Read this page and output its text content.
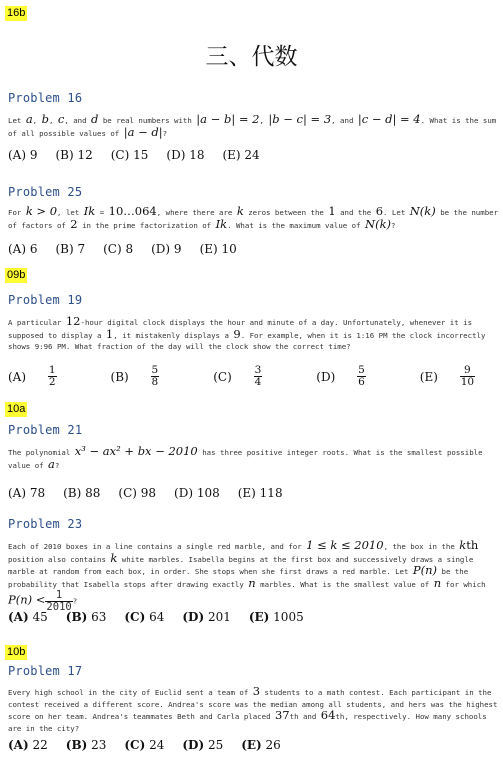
16b
三、代数
Problem 16
Let a, b, c, and d be real numbers with |a − b| = 2, |b − c| = 3, and |c − d| = 4. What is the sum of all possible values of |a − d|?
(A) 9 (B) 12 (C) 15 (D) 18 (E) 24
Problem 25
For k > 0, let Ik = 10…064, where there are k zeros between the 1 and the 6. Let N(k) be the number of factors of 2 in the prime factorization of Ik. What is the maximum value of N(k)?
(A) 6 (B) 7 (C) 8 (D) 9 (E) 10
09b
Problem 19
A particular 12-hour digital clock displays the hour and minute of a day. Unfortunately, whenever it is supposed to display a 1, it mistakenly displays a 9. For example, when it is 1:16 PM the clock incorrectly shows 9:96 PM. What fraction of the day will the clock show the correct time?
$(A) \frac{1}{2}$	$(B) \frac{5}{8}$	$(C) \frac{3}{4}$	$(D) \frac{5}{6}$	$(E) \frac{9}{10}$
10a
Problem 21
The polynomial x³ − ax² + bx − 2010 has three positive integer roots. What is the smallest possible value of a?
(A) 78 (B) 88 (C) 98 (D) 108 (E) 118
Problem 23
Each of 2010 boxes in a line contains a single red marble, and for 1 ≤ k ≤ 2010, the box in the kth position also contains k white marbles. Isabella begins at the first box and successively draws a single marble at random from each box, in order. She stops when she first draws a red marble. Let P(n) be the probability that Isabella stops after drawing exactly n marbles. What is the smallest value of n for which $P(n) < \frac{1}{2010}$ ?
(A) 45 (B) 63 (C) 64 (D) 201 (E) 1005
10b
Problem 17
Every high school in the city of Euclid sent a team of 3 students to a math contest. Each participant in the contest received a different score. Andrea's score was the median among all students, and hers was the highest score on her team. Andrea's teammates Beth and Carla placed 37th and 64th, respectively. How many schools are in the city?
(A) 22 (B) 23 (C) 24 (D) 25 (E) 26
